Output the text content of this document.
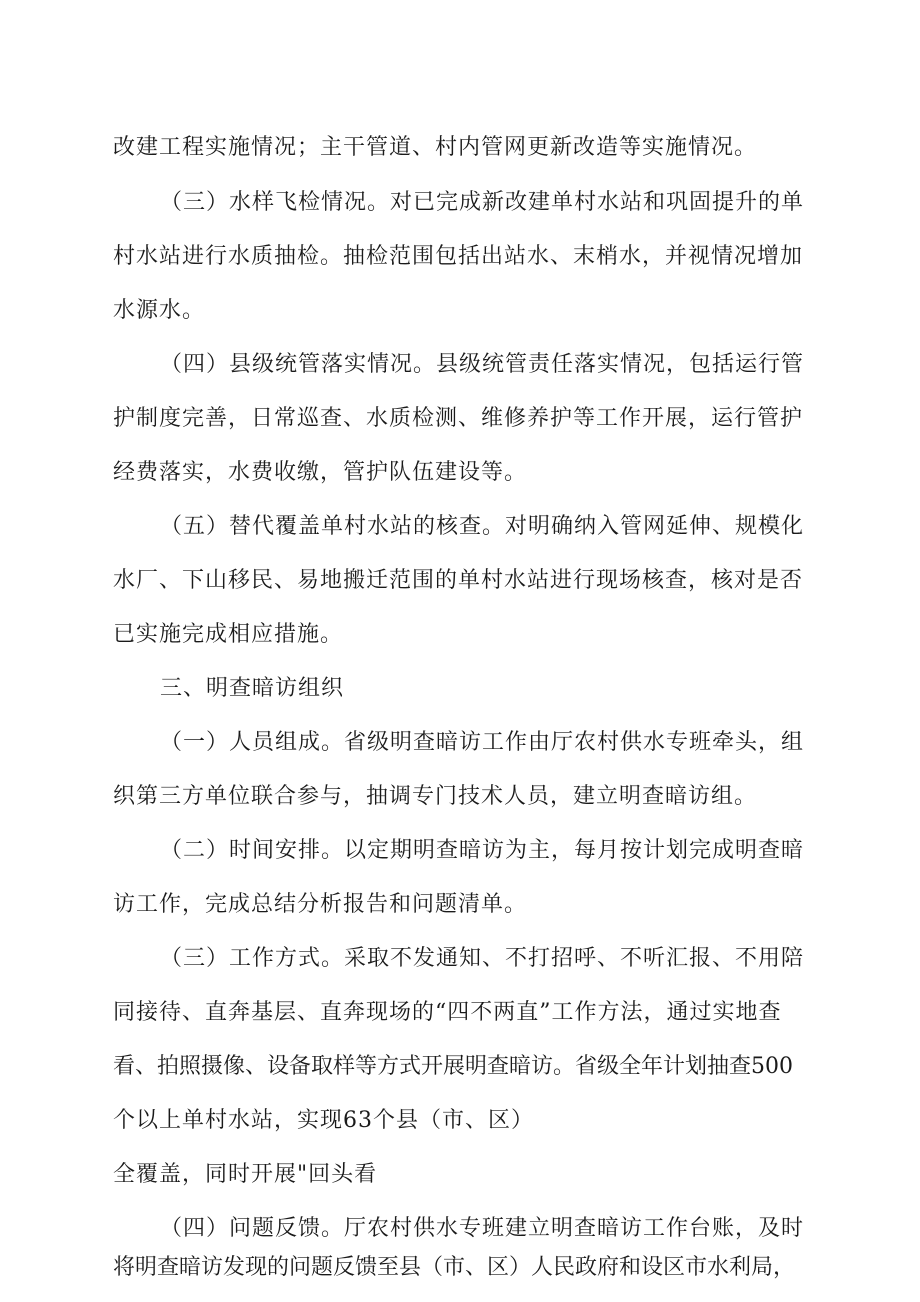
改建工程实施情况；主干管道、村内管网更新改造等实施情况。
（三）水样飞检情况。对已完成新改建单村水站和巩固提升的单
村水站进行水质抽检。抽检范围包括出站水、末梢水，并视情况增加
水源水。
（四）县级统管落实情况。县级统管责任落实情况，包括运行管
护制度完善，日常巡查、水质检测、维修养护等工作开展，运行管护
经费落实，水费收缴，管护队伍建设等。
（五）替代覆盖单村水站的核查。对明确纳入管网延伸、规模化
水厂、下山移民、易地搬迁范围的单村水站进行现场核查，核对是否
已实施完成相应措施。
三、明查暗访组织
（一）人员组成。省级明查暗访工作由厅农村供水专班牵头，组
织第三方单位联合参与，抽调专门技术人员，建立明查暗访组。
（二）时间安排。以定期明查暗访为主，每月按计划完成明查暗
访工作，完成总结分析报告和问题清单。
（三）工作方式。采取不发通知、不打招呼、不听汇报、不用陪
同接待、直奔基层、直奔现场的“四不两直”工作方法，通过实地查
看、拍照摄像、设备取样等方式开展明查暗访。省级全年计划抽查500
个以上单村水站，实现63个县（市、区）
全覆盖，同时开展"回头看
（四）问题反馈。厅农村供水专班建立明查暗访工作台账，及时
将明查暗访发现的问题反馈至县（市、区）人民政府和设区市水利局，
